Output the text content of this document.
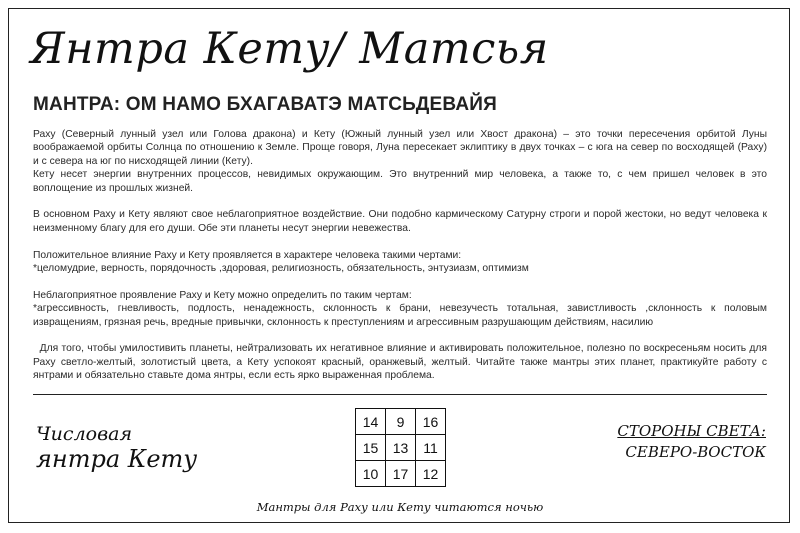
Янтра Кету/ Матсья
МАНТРА: ОМ НАМО БХАГАВАТЭ МАТСЬДЕВАЙЯ

Раху (Северный лунный узел или Голова дракона) и Кету (Южный лунный узел или Хвост дракона) – это точки пересечения орбитой Луны воображаемой орбиты Солнца по отношению к Земле. Проще говоря, Луна пересекает эклиптику в двух точках – с юга на север по восходящей (Раху) и с севера на юг по нисходящей линии (Кету).
Кету несет энергии внутренних процессов, невидимых окружающим. Это внутренний мир человека, а также то, с чем пришел человек в это воплощение из прошлых жизней.

В основном Раху и Кету являют свое неблагоприятное воздействие. Они подобно кармическому Сатурну строги и порой жестоки, но ведут человека к неизменному благу для его души. Обе эти планеты несут энергии невежества.

Положительное влияние Раху и Кету проявляется в характере человека такими чертами:
*целомудрие, верность, порядочность ,здоровая, религиозность, обязательность, энтузиазм, оптимизм

Неблагоприятное проявление Раху и Кету можно определить по таким чертам:
*агрессивность, гневливость, подлость, ненадежность, склонность к брани, невезучесть тотальная, завистливость ,склонность к половым извращениям, грязная речь, вредные привычки, склонность к преступлениям и агрессивным разрушающим действиям, насилию

Для того, чтобы умилостивить планеты, нейтрализовать их негативное влияние и активировать положительное, полезно по воскресеньям носить для Раху светло-желтый, золотистый цвета, а Кету успокоят красный, оранжевый, желтый. Читайте также мантры этих планет, практикуйте работу с янтрами и обязательно ставьте дома янтры, если есть ярко выраженная проблема.

Числовая
янтра Кету
14	9	16
15	13	11
10	17	12
СТОРОНЫ СВЕТА:
СЕВЕРО-ВОСТОК
Мантры для Раху или Кету читаются ночью
